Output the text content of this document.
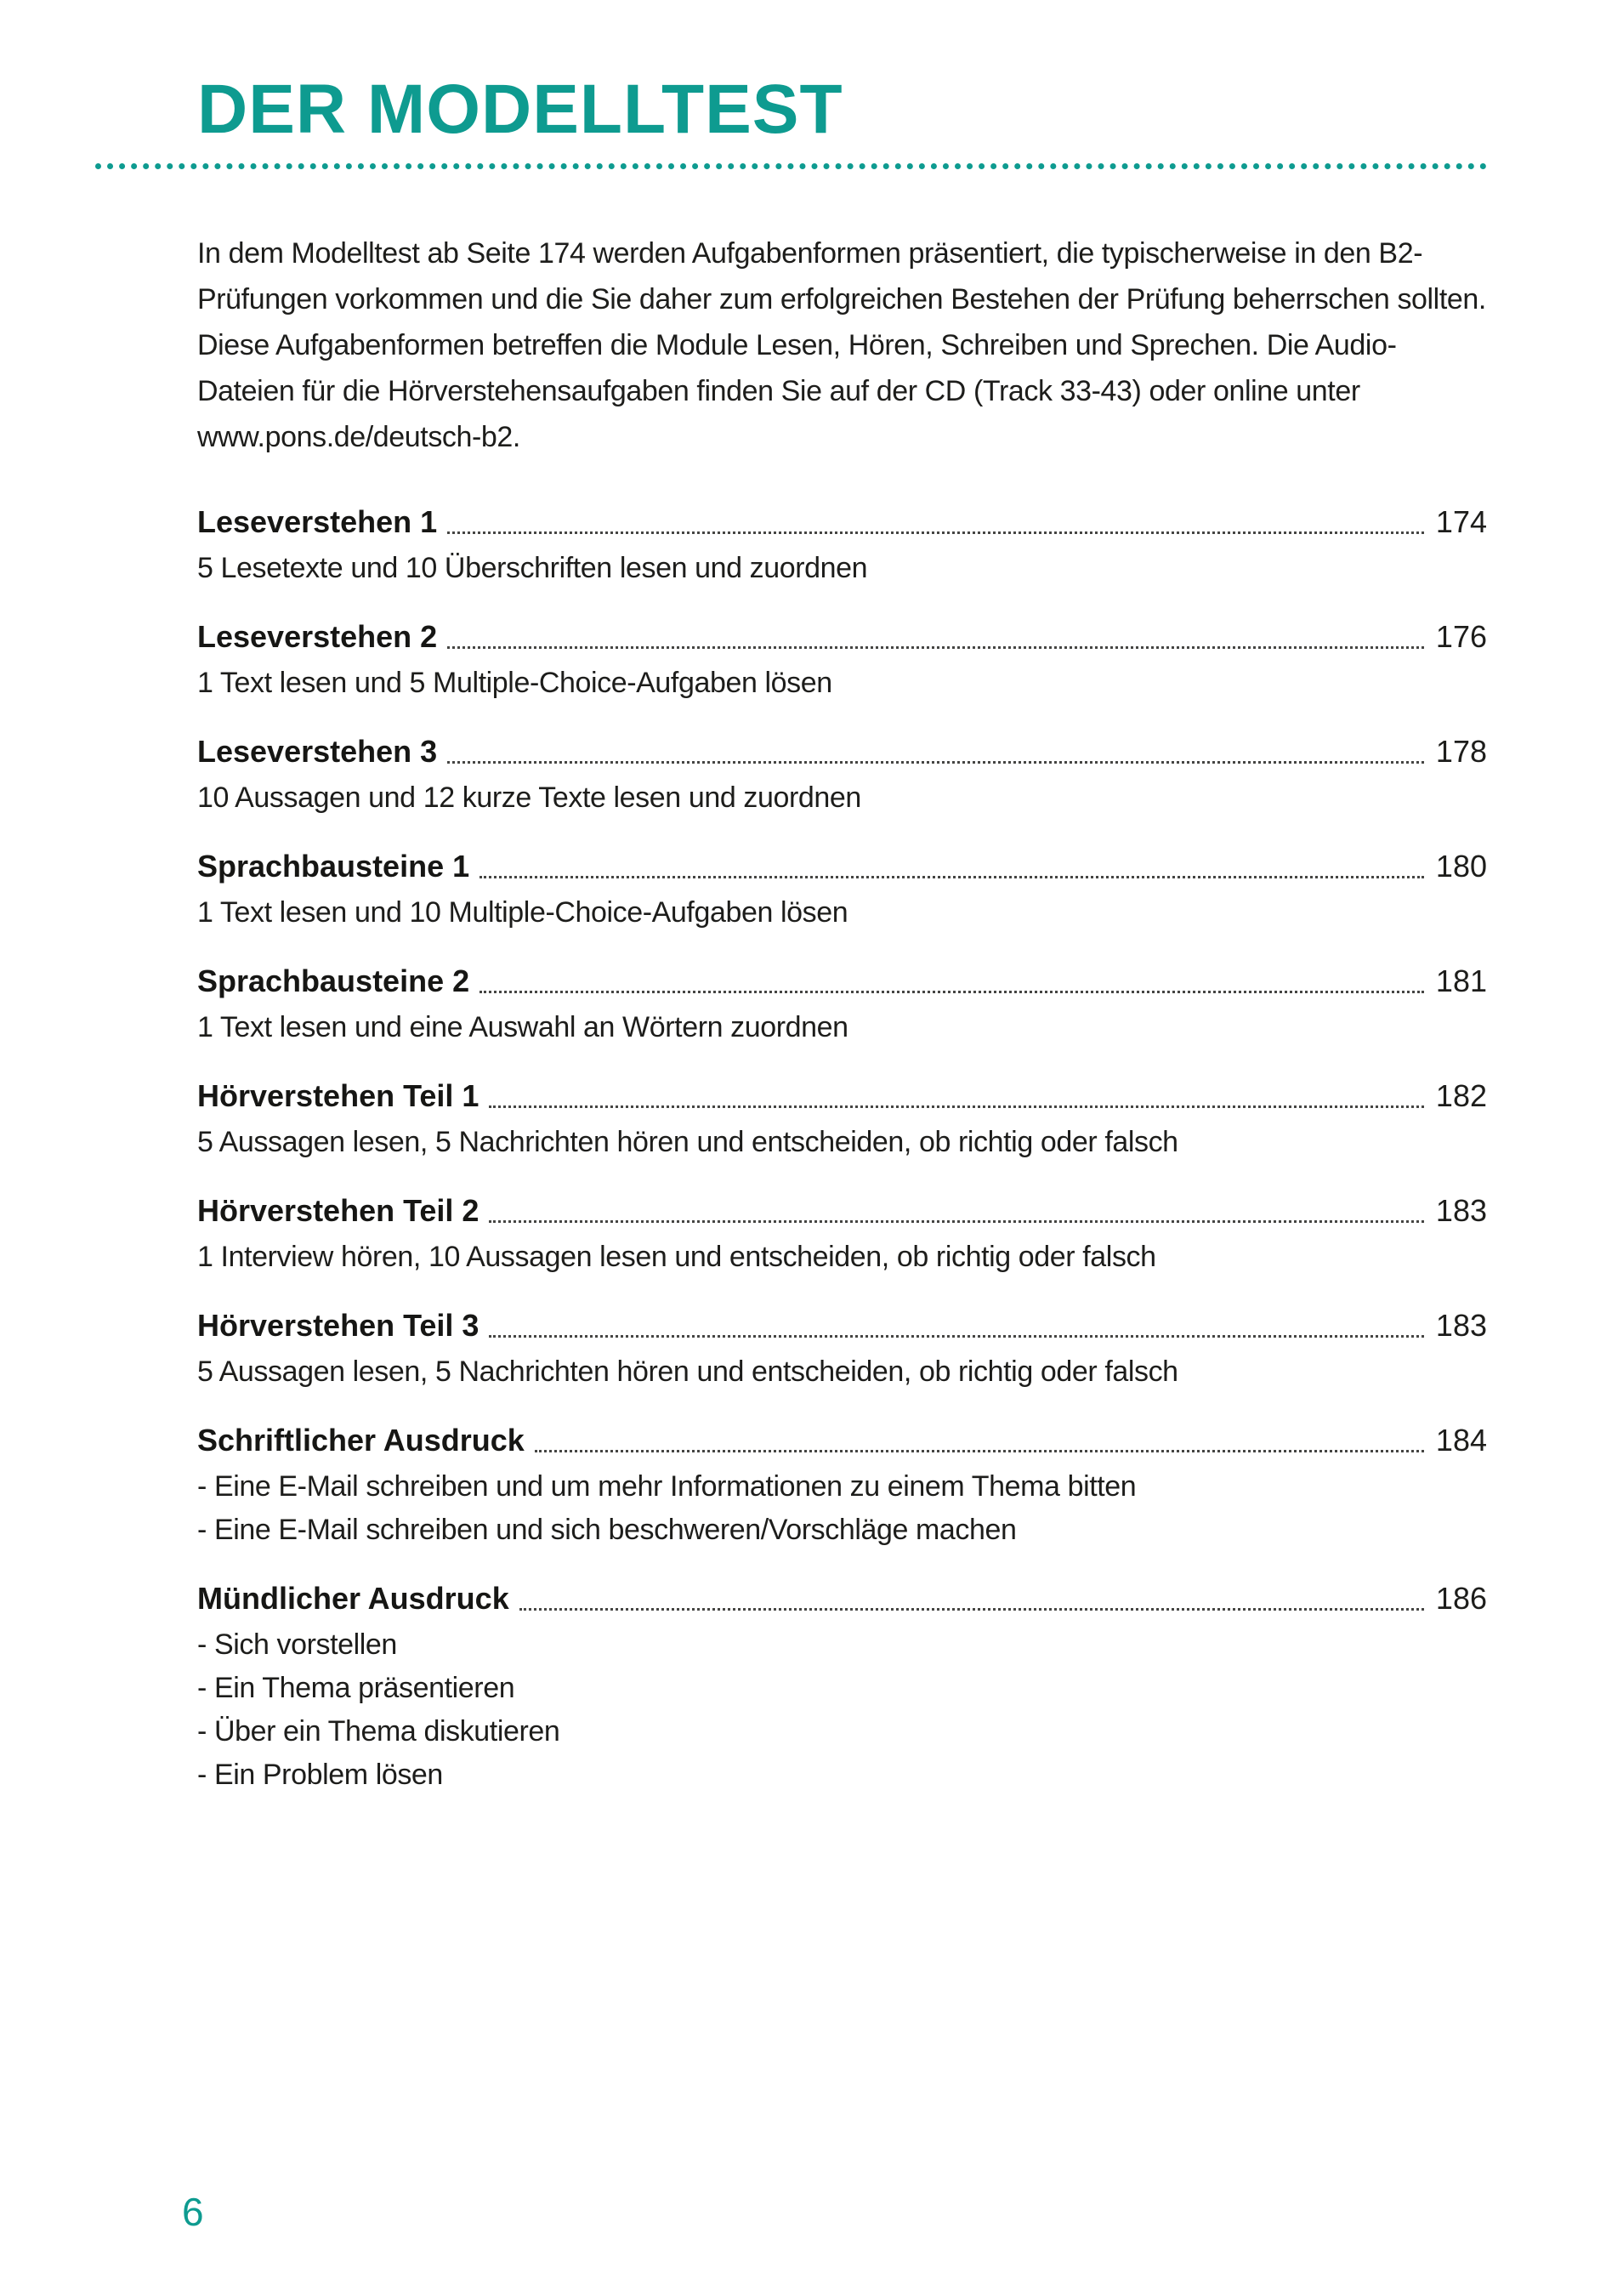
DER MODELLTEST

In dem Modelltest ab Seite 174 werden Aufgabenformen präsentiert, die typischerweise in den B2-Prüfungen vorkommen und die Sie daher zum erfolgreichen Bestehen der Prüfung beherrschen sollten. Diese Aufgabenformen betreffen die Module Lesen, Hören, Schreiben und Sprechen. Die Audio-Dateien für die Hörverstehensaufgaben finden Sie auf der CD (Track 33-43) oder online unter www.pons.de/deutsch-b2.

Leseverstehen 1	174
5 Lesetexte und 10 Überschriften lesen und zuordnen
Leseverstehen 2	176
1 Text lesen und 5 Multiple-Choice-Aufgaben lösen
Leseverstehen 3	178
10 Aussagen und 12 kurze Texte lesen und zuordnen
Sprachbausteine 1	180
1 Text lesen und 10 Multiple-Choice-Aufgaben lösen
Sprachbausteine 2	181
1 Text lesen und eine Auswahl an Wörtern zuordnen
Hörverstehen Teil 1	182
5 Aussagen lesen, 5 Nachrichten hören und entscheiden, ob richtig oder falsch
Hörverstehen Teil 2	183
1 Interview hören, 10 Aussagen lesen und entscheiden, ob richtig oder falsch
Hörverstehen Teil 3	183
5 Aussagen lesen, 5 Nachrichten hören und entscheiden, ob richtig oder falsch
Schriftlicher Ausdruck	184
- Eine E-Mail schreiben und um mehr Informationen zu einem Thema bitten
- Eine E-Mail schreiben und sich beschweren/Vorschläge machen
Mündlicher Ausdruck	186
- Sich vorstellen
- Ein Thema präsentieren
- Über ein Thema diskutieren
- Ein Problem lösen
6
